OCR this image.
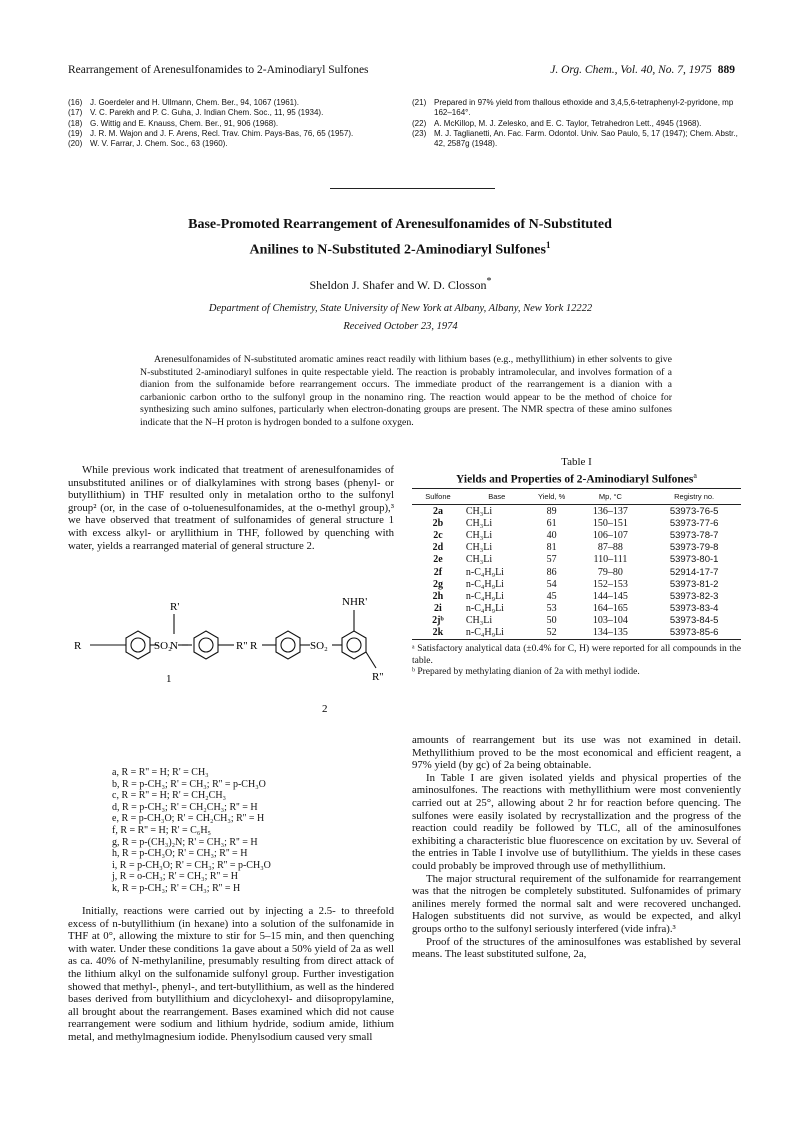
Rearrangement of Arenesulfonamides to 2-Aminodiaryl Sulfones	J. Org. Chem., Vol. 40, No. 7, 1975 889
(16) J. Goerdeler and H. Ullmann, Chem. Ber., 94, 1067 (1961).
(17) V. C. Parekh and P. C. Guha, J. Indian Chem. Soc., 11, 95 (1934).
(18) G. Wittig and E. Knauss, Chem. Ber., 91, 906 (1968).
(19) J. R. M. Wajon and J. F. Arens, Recl. Trav. Chim. Pays-Bas, 76, 65 (1957).
(20) W. V. Farrar, J. Chem. Soc., 63 (1960).
(21) Prepared in 97% yield from thallous ethoxide and 3,4,5,6-tetraphenyl-2-pyridone, mp 162–164°.
(22) A. McKillop, M. J. Zelesko, and E. C. Taylor, Tetrahedron Lett., 4945 (1968).
(23) M. J. Taglianetti, An. Fac. Farm. Odontol. Univ. Sao Paulo, 5, 17 (1947); Chem. Abstr., 42, 2587g (1948).
Base-Promoted Rearrangement of Arenesulfonamides of N-Substituted
Anilines to N-Substituted 2-Aminodiaryl Sulfones$^1$
Sheldon J. Shafer and W. D. Closson*
Department of Chemistry, State University of New York at Albany, Albany, New York 12222
Received October 23, 1974
Arenesulfonamides of N-substituted aromatic amines react readily with lithium bases (e.g., methyllithium) in ether solvents to give N-substituted 2-aminodiaryl sulfones in quite respectable yield. The reaction is probably intramolecular, and involves formation of a dianion from the sulfonamide before rearrangement occurs. The immediate product of the rearrangement is a dianion with a carbanionic carbon ortho to the sulfonyl group in the nonamino ring. The reaction would appear to be the method of choice for synthesizing such amino sulfones, particularly when electron-donating groups are present. The NMR spectra of these amino sulfones indicate that the N–H proton is hydrogen bonded to a sulfone oxygen.

While previous work indicated that treatment of arenesulfonamides of unsubstituted anilines or of dialkylamines with strong bases (phenyl- or butyllithium) in THF resulted only in metalation ortho to the sulfonyl group² (or, in the case of o-toluenesulfonamides, at the o-methyl group),³ we have observed that treatment of sulfonamides of general structure 1 with excess alkyl- or aryllithium in THF, followed by quenching with water, yields a rearranged material of general structure 2.

R	SO₂
N
R'
R''
1
R	SO₂
NHR'
R''
2
a, R = R'' = H; R' = CH₃
b, R = p-CH₃; R' = CH₃; R'' = p-CH₃O
c, R = R'' = H; R' = CH₂CH₃
d, R = p-CH₃; R' = CH₂CH₃; R'' = H
e, R = p-CH₃O; R' = CH₂CH₃; R'' = H
f, R = R'' = H; R' = C₆H₅
g, R = p-(CH₃)₂N; R' = CH₃; R'' = H
h, R = p-CH₃O; R' = CH₃; R'' = H
i, R = p-CH₃O; R' = CH₃; R'' = p-CH₃O
j, R = o-CH₃; R' = CH₃; R'' = H
k, R = p-CH₃; R' = CH₃; R'' = H

Initially, reactions were carried out by injecting a 2.5- to threefold excess of n-butyllithium (in hexane) into a solution of the sulfonamide in THF at 0°, allowing the mixture to stir for 5–15 min, and then quenching with water. Under these conditions 1a gave about a 50% yield of 2a as well as ca. 40% of N-methylaniline, presumably resulting from direct attack of the lithium alkyl on the sulfonamide sulfonyl group. Further investigation showed that methyl-, phenyl-, and tert-butyllithium, as well as the hindered bases derived from butyllithium and dicyclohexyl- and diisopropylamine, all brought about the rearrangement. Bases examined which did not cause rearrangement were sodium and lithium hydride, sodium amide, lithium metal, and methylmagnesium iodide. Phenylsodium caused very small

Table I
Yields and Properties of 2-Aminodiaryl Sulfones$^a$
Sulfone	Base	Yield, %	Mp, °C	Registry no.
2a	CH₃Li	89	136–137	53973-76-5
2b	CH₃Li	61	150–151	53973-77-6
2c	CH₃Li	40	106–107	53973-78-7
2d	CH₃Li	81	87–88	53973-79-8
2e	CH₃Li	57	110–111	53973-80-1
2f	n-C₄H₉Li	86	79–80	52914-17-7
2g	n-C₄H₉Li	54	152–153	53973-81-2
2h	n-C₄H₉Li	45	144–145	53973-82-3
2i	n-C₄H₉Li	53	164–165	53973-83-4
2jᵇ	CH₃Li	50	103–104	53973-84-5
2k	n-C₄H₉Li	52	134–135	53973-85-6
ᵃ Satisfactory analytical data (±0.4% for C, H) were reported for all compounds in the table.
ᵇ Prepared by methylating dianion of 2a with methyl iodide.

amounts of rearrangement but its use was not examined in detail. Methyllithium proved to be the most economical and efficient reagent, a 97% yield (by gc) of 2a being obtainable.

In Table I are given isolated yields and physical properties of the aminosulfones. The reactions with methyllithium were most conveniently carried out at 25°, allowing about 2 hr for reaction before quencing. The sulfones were easily isolated by recrystallization and the progress of the reaction could readily be followed by TLC, all of the aminosulfones exhibiting a characteristic blue fluorescence on excitation by uv. Several of the entries in Table I involve use of butyllithium. The yields in these cases could probably be improved through use of methyllithium.

The major structural requirement of the sulfonamide for rearrangement was that the nitrogen be completely substituted. Sulfonamides of primary anilines merely formed the normal salt and were recovered unchanged. Halogen substituents did not survive, as would be expected, and alkyl groups ortho to the sulfonyl seriously interfered (vide infra).³

Proof of the structures of the aminosulfones was established by several means. The least substituted sulfone, 2a,
